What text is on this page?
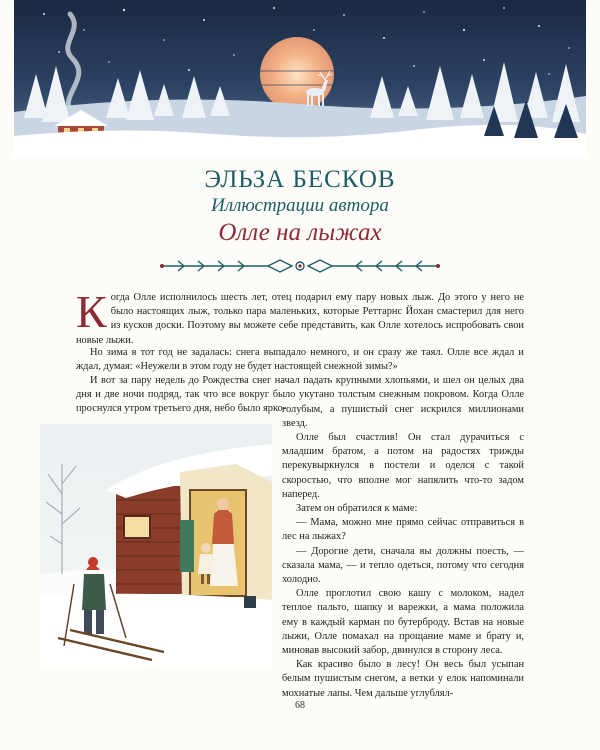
ЭЛЬЗА БЕСКОВ
Иллюстрации автора
Олле на лыжах

Когда Олле исполнилось шесть лет, отец подарил ему пару новых лыж. До этого у него не было настоящих лыж, только пара маленьких, которые Реттарнс Йохан смастерил для него из кусков доски. Поэтому вы можете себе представить, как Олле хотелось испробовать свои новые лыжи.

Но зима в тот год не задалась: снега выпадало немного, и он сразу же таял. Олле все ждал и ждал, думая: «Неужели в этом году не будет настоящей снежной зимы?»

И вот за пару недель до Рождества снег начал падать крупными хлопьями, и шел он целых два дня и две ночи подряд, так что все вокруг было укутано толстым снежным покровом. Когда Олле проснулся утром третьего дня, небо было ярко-

голубым, а пушистый снег искрился миллионами звезд.

Олле был счастлив! Он стал дурачиться с младшим братом, а потом на радостях трижды перекувыркнулся в постели и оделся с такой скоростью, что вполне мог напялить что-то задом наперед.

Затем он обратился к маме:

— Мама, можно мне прямо сейчас отправиться в лес на лыжах?

— Дорогие дети, сначала вы должны поесть, — сказала мама, — и тепло одеться, потому что сегодня холодно.

Олле проглотил свою кашу с молоком, надел теплое пальто, шапку и варежки, а мама положила ему в каждый карман по бутерброду. Встав на новые лыжи, Олле помахал на прощание маме и брату и, миновав высокий забор, двинулся в сторону леса.

Как красиво было в лесу! Он весь был усыпан белым пушистым снегом, а ветки у елок напоминали мохнатые лапы. Чем дальше углублял-

68
